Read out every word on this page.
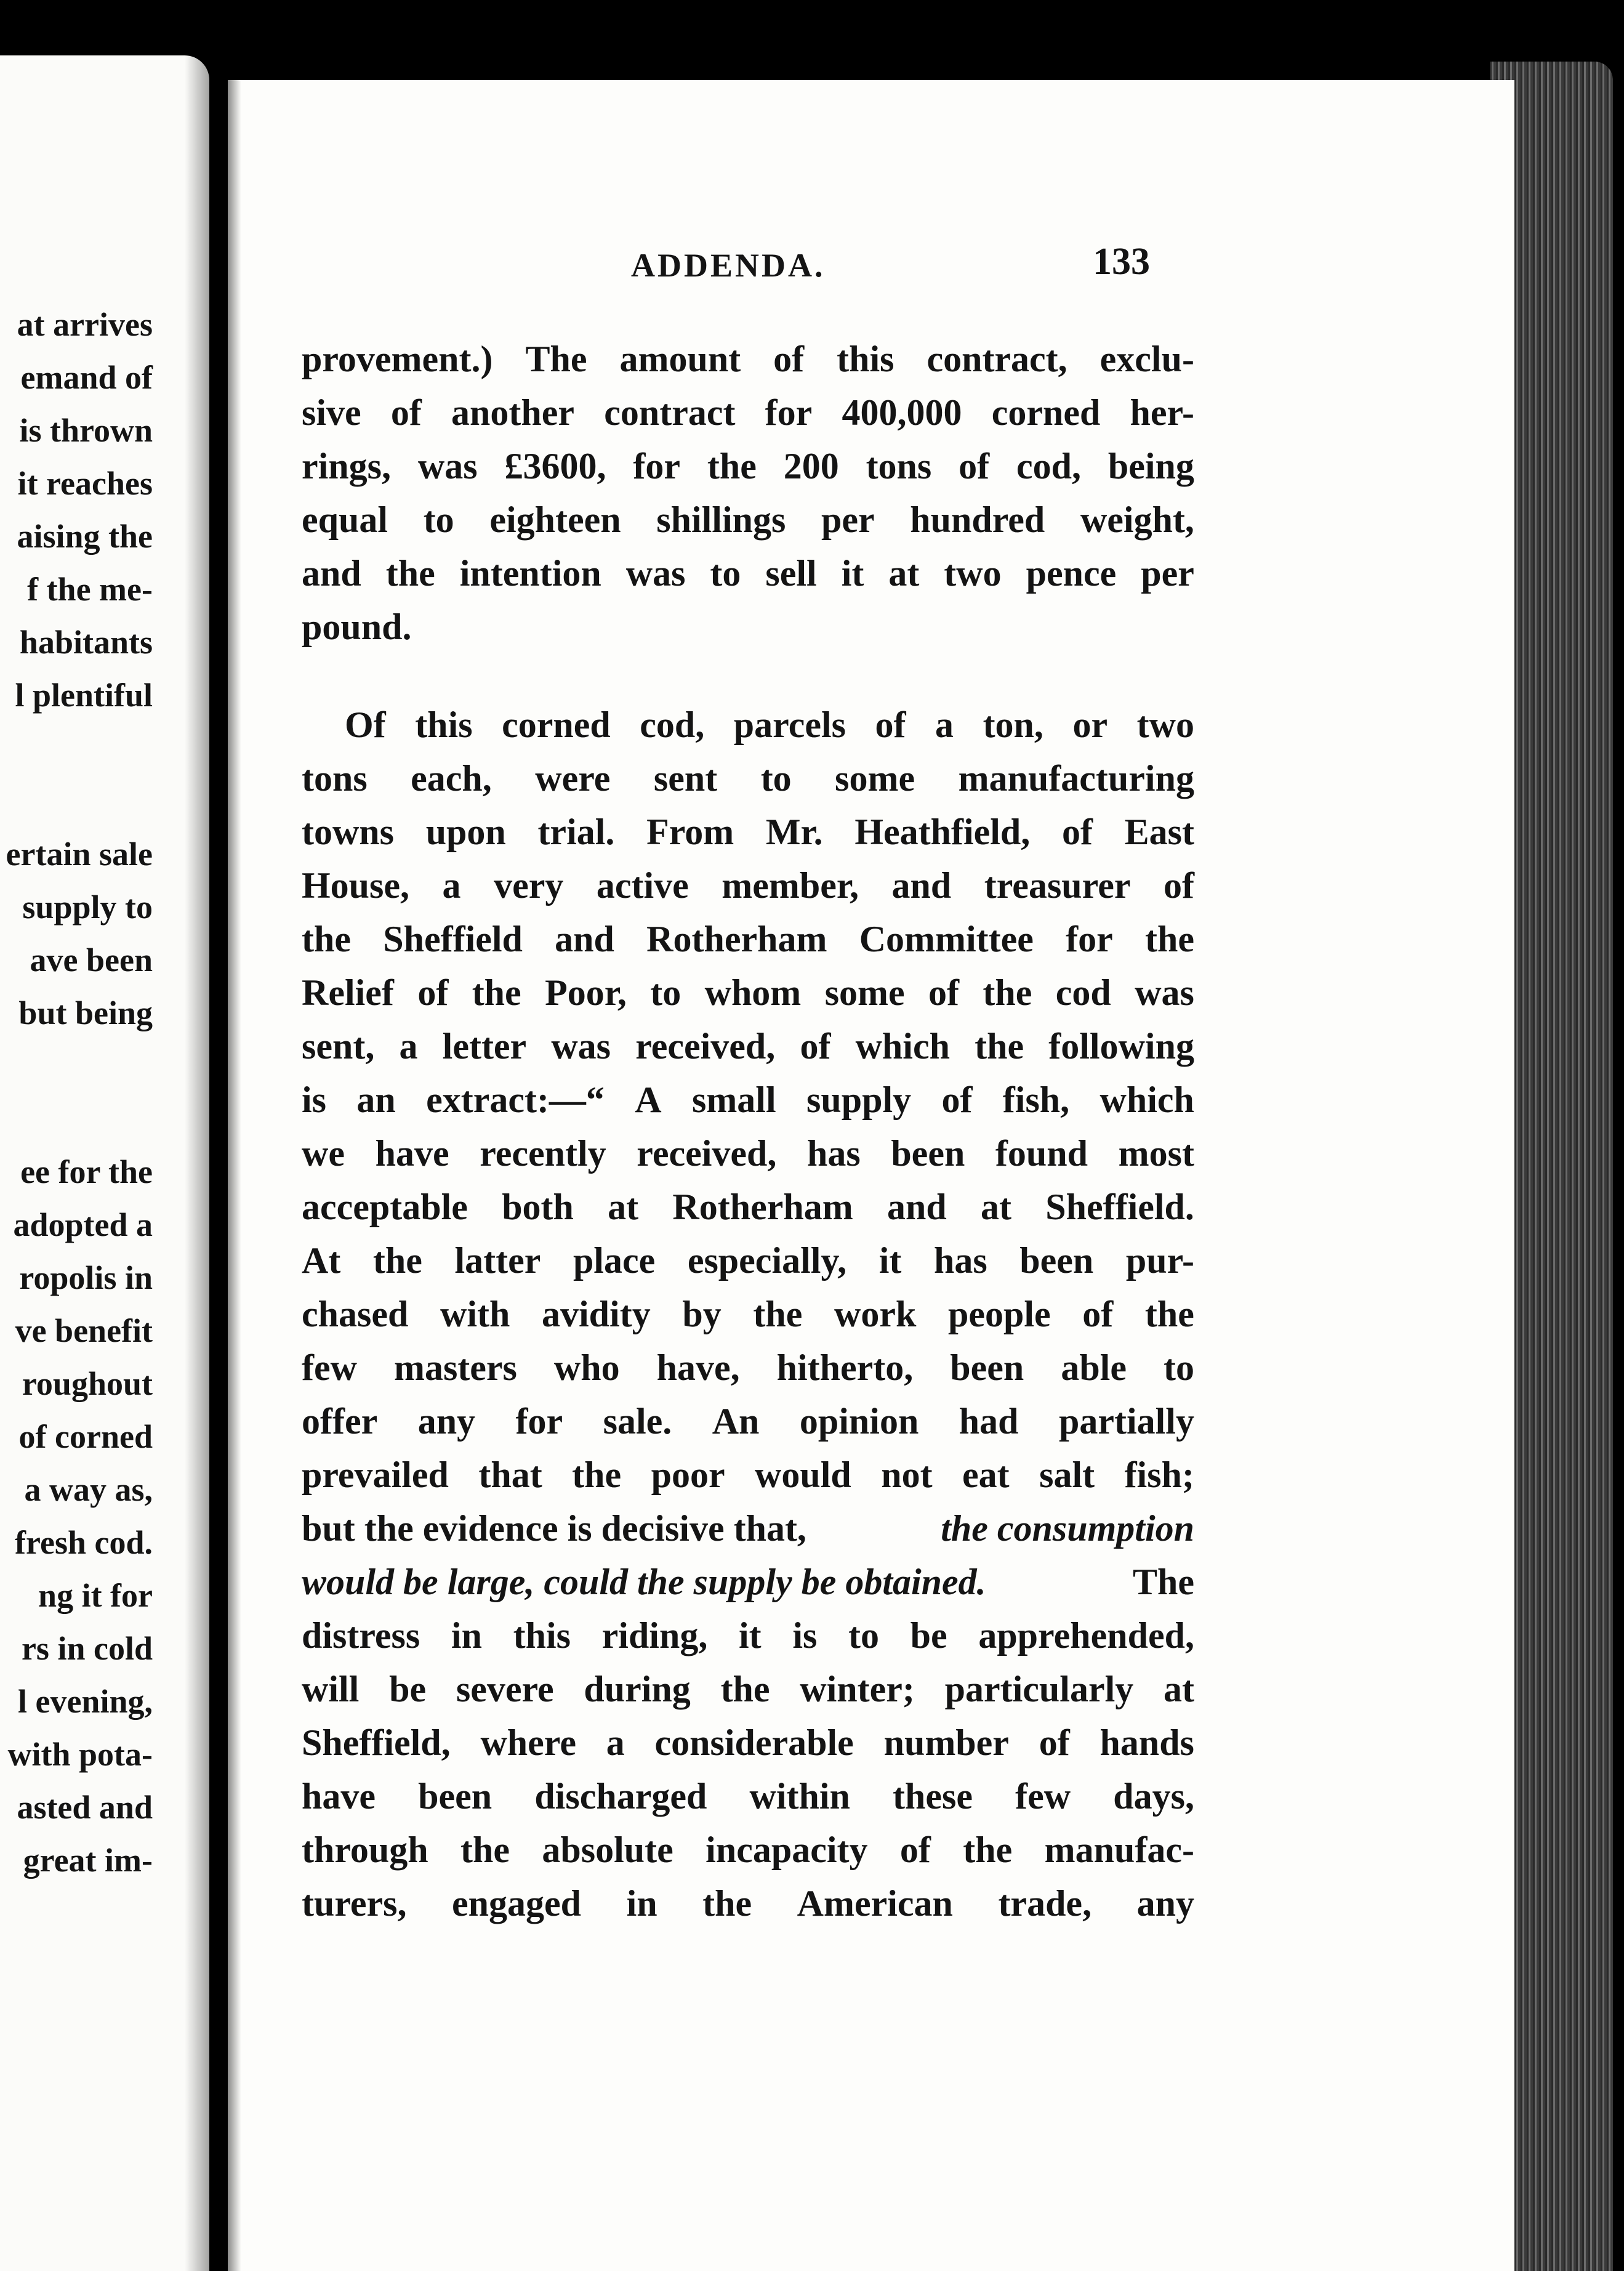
at arrives
emand of
is thrown
it reaches
aising the
f the me-
habitants
l plentiful
ertain sale
supply to
ave been
but being
ee for the
adopted a
ropolis in
ve benefit
roughout
of corned
a way as,
fresh cod.
ng it for
rs in cold
l evening,
with pota-
asted and
great im-
ADDENDA.	133
provement.) The amount of this contract, exclu-
sive of another contract for 400,000 corned her-
rings, was £3600, for the 200 tons of cod, being
equal to eighteen shillings per hundred weight,
and the intention was to sell it at two pence per
pound.
Of this corned cod, parcels of a ton, or two
tons each, were sent to some manufacturing
towns upon trial. From Mr. Heathfield, of East
House, a very active member, and treasurer of
the Sheffield and Rotherham Committee for the
Relief of the Poor, to whom some of the cod was
sent, a letter was received, of which the following
is an extract:—“ A small supply of fish, which
we have recently received, has been found most
acceptable both at Rotherham and at Sheffield.
At the latter place especially, it has been pur-
chased with avidity by the work people of the
few masters who have, hitherto, been able to
offer any for sale. An opinion had partially
prevailed that the poor would not eat salt fish;
but the evidence is decisive that,	the consumption
would be large, could the supply be obtained.	The
distress in this riding, it is to be apprehended,
will be severe during the winter; particularly at
Sheffield, where a considerable number of hands
have been discharged within these few days,
through the absolute incapacity of the manufac-
turers, engaged in the American trade, any
